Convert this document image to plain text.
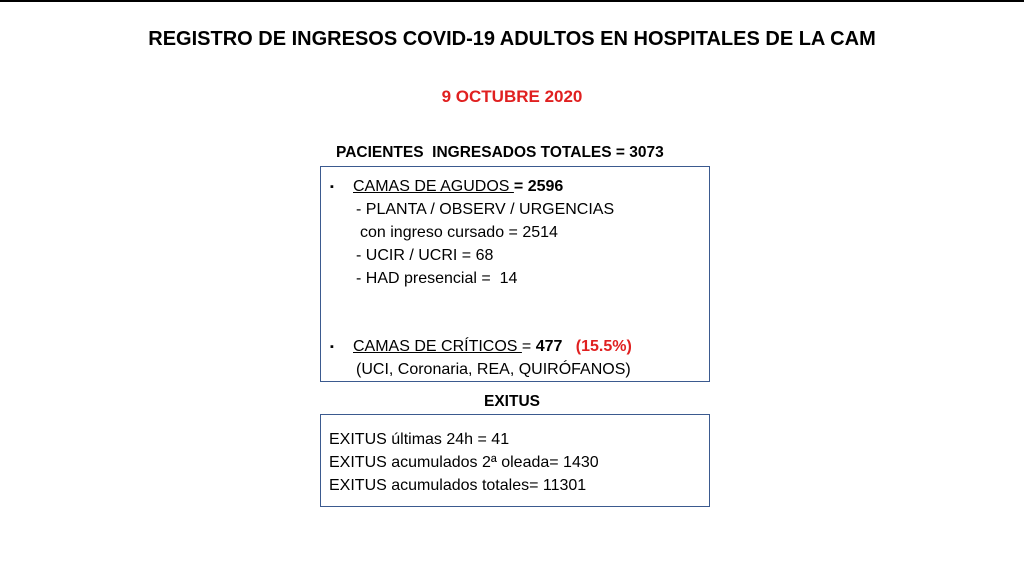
REGISTRO DE INGRESOS COVID-19 ADULTOS EN HOSPITALES DE LA CAM
9 OCTUBRE 2020
PACIENTES  INGRESADOS TOTALES = 3073
▪ CAMAS DE AGUDOS = 2596
- PLANTA / OBSERV / URGENCIAS
con ingreso cursado = 2514
- UCIR / UCRI = 68
- HAD presencial =  14
▪ CAMAS DE CRÍTICOS = 477 (15.5%)
(UCI, Coronaria, REA, QUIRÓFANOS)
EXITUS
EXITUS últimas 24h = 41
EXITUS acumulados 2ª oleada= 1430
EXITUS acumulados totales= 11301
